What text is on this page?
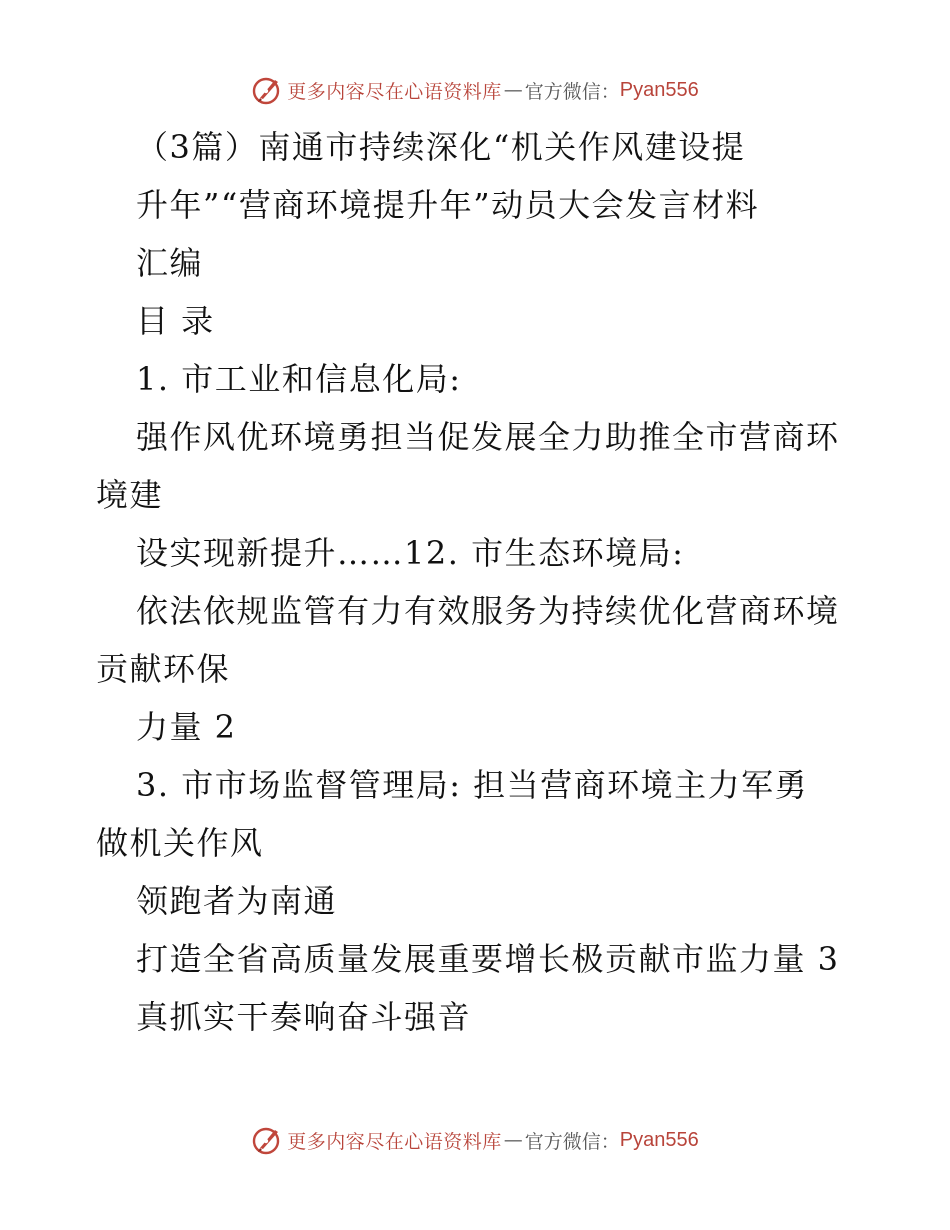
更多内容尽在心语资料库 — 官方微信： Pyan556
（3篇）南通市持续深化“机关作风建设提
升年”“营商环境提升年”动员大会发言材料
汇编
目 录
1. 市工业和信息化局:
强作风优环境勇担当促发展全力助推全市营商环
境建
设实现新提升……12. 市生态环境局:
依法依规监管有力有效服务为持续优化营商环境
贡献环保
力量 2
3. 市市场监督管理局: 担当营商环境主力军勇
做机关作风
领跑者为南通
打造全省高质量发展重要增长极贡献市监力量 3
真抓实干奏响奋斗强音
更多内容尽在心语资料库 — 官方微信： Pyan556
